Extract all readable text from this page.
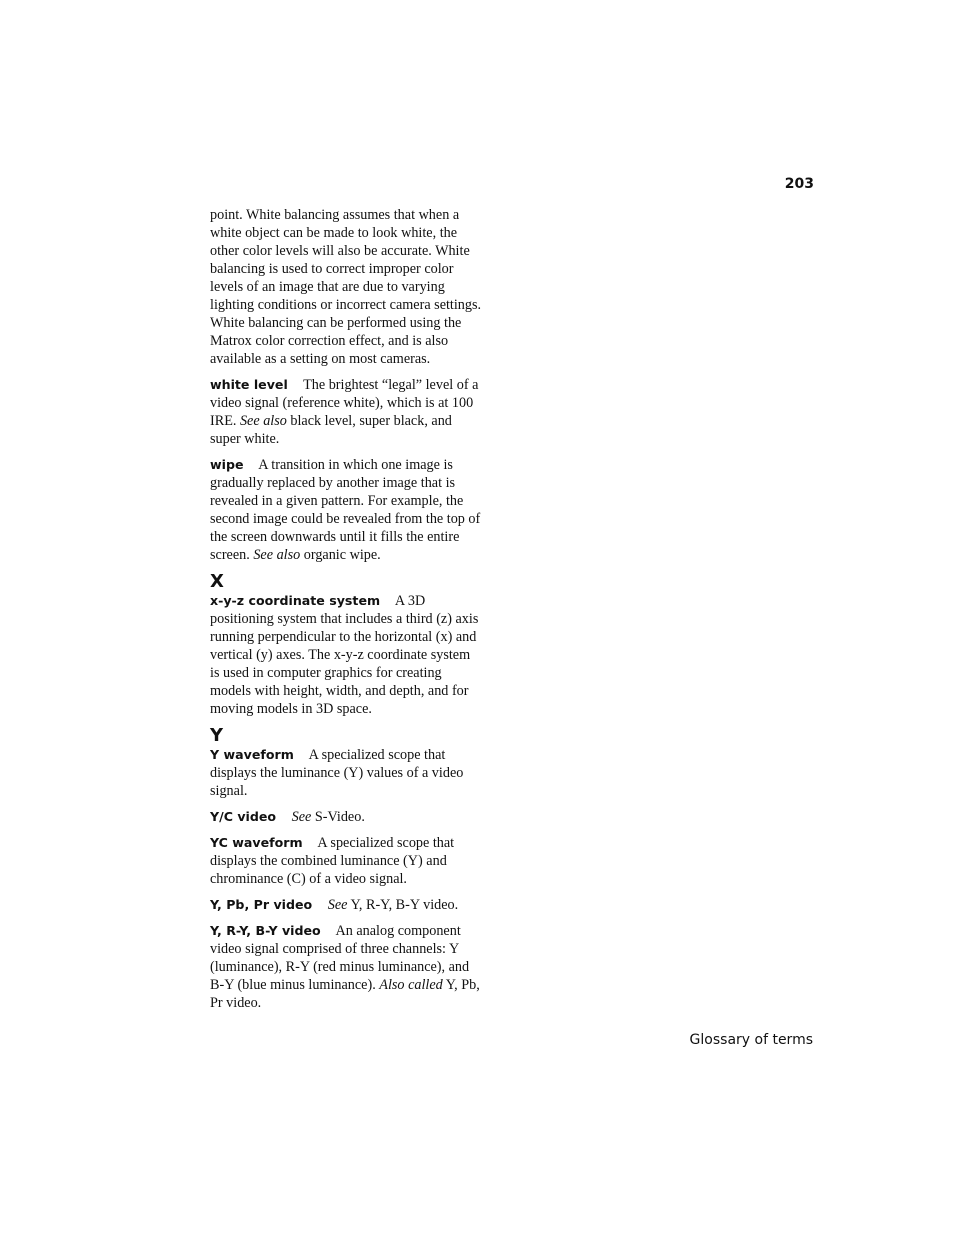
203

point. White balancing assumes that when a white object can be made to look white, the other color levels will also be accurate. White balancing is used to correct improper color levels of an image that are due to varying lighting conditions or incorrect camera settings. White balancing can be performed using the Matrox color correction effect, and is also available as a setting on most cameras.

white level The brightest “legal” level of a video signal (reference white), which is at 100 IRE. See also black level, super black, and super white.

wipe A transition in which one image is gradually replaced by another image that is revealed in a given pattern. For example, the second image could be revealed from the top of the screen downwards until it fills the entire screen. See also organic wipe.

X

x-y-z coordinate system A 3D positioning system that includes a third (z) axis running perpendicular to the horizontal (x) and vertical (y) axes. The x-y-z coordinate system is used in computer graphics for creating models with height, width, and depth, and for moving models in 3D space.

Y

Y waveform A specialized scope that displays the luminance (Y) values of a video signal.

Y/C video See S-Video.

YC waveform A specialized scope that displays the combined luminance (Y) and chrominance (C) of a video signal.

Y, Pb, Pr video See Y, R-Y, B-Y video.

Y, R-Y, B-Y video An analog component video signal comprised of three channels: Y (luminance), R-Y (red minus luminance), and B-Y (blue minus luminance). Also called Y, Pb, Pr video.

Glossary of terms
